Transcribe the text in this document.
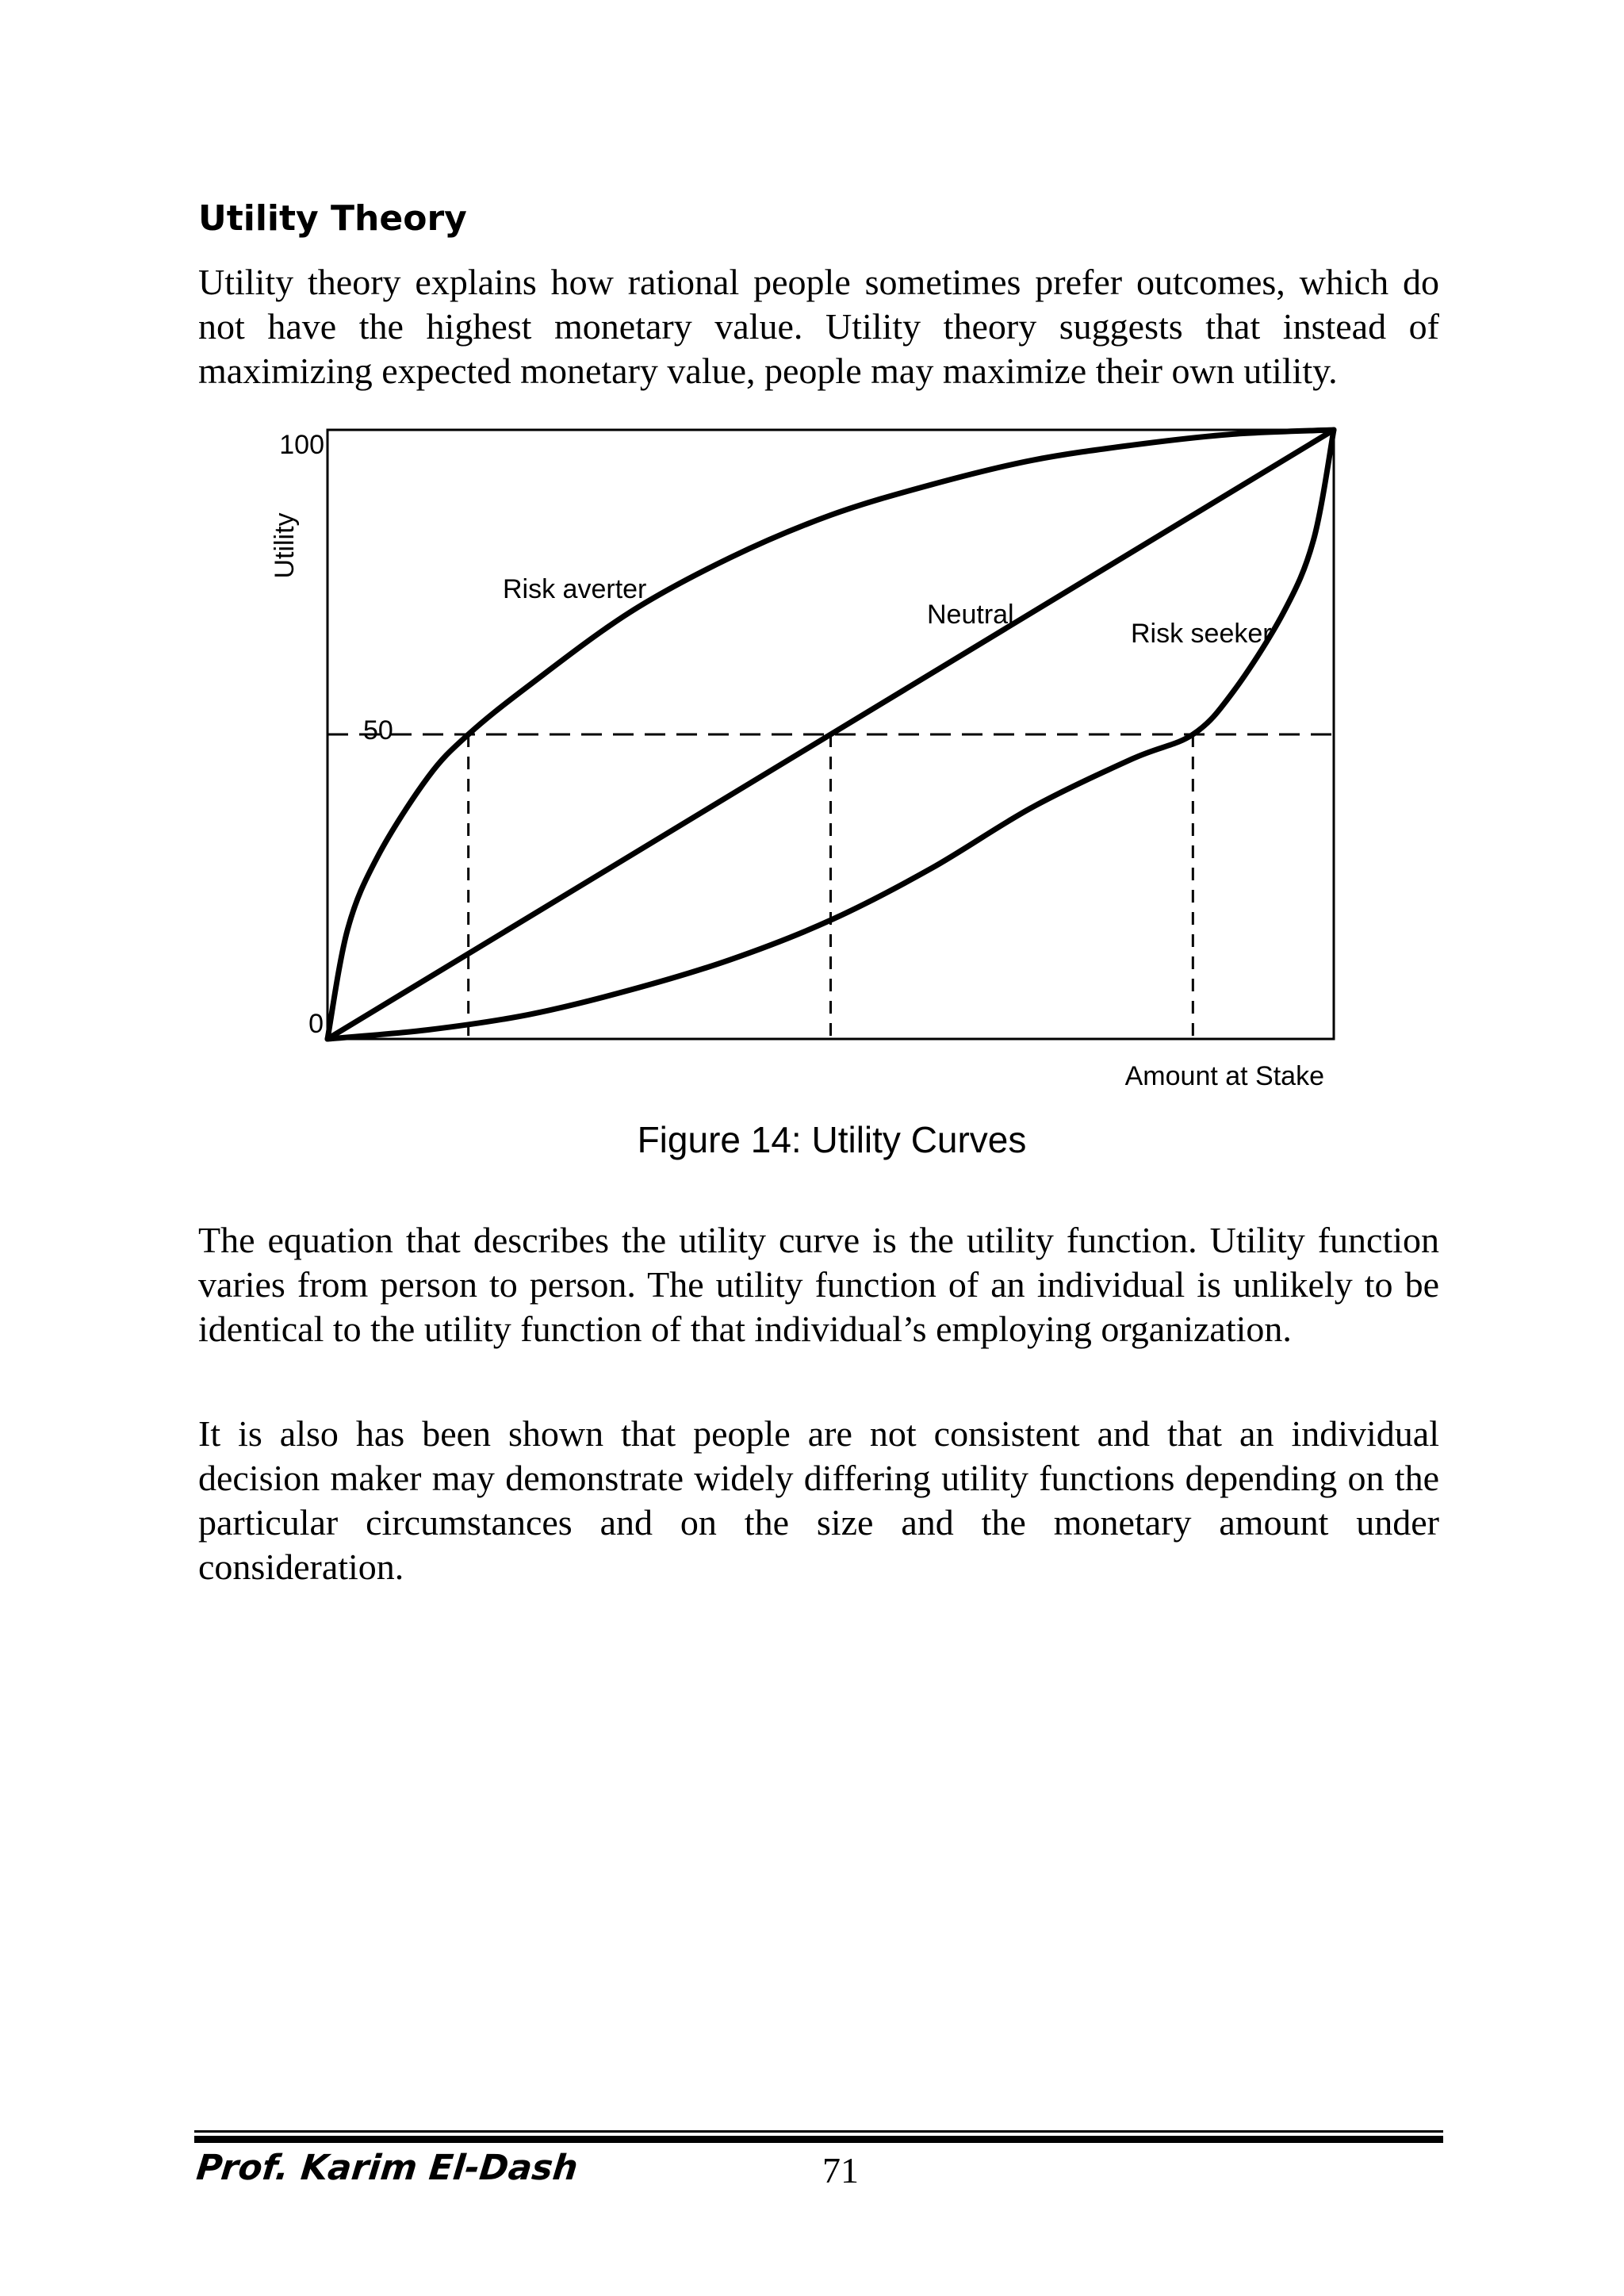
Utility Theory

Utility theory explains how rational people sometimes prefer outcomes, which do not have the highest monetary value. Utility theory suggests that instead of maximizing expected monetary value, people may maximize their own utility.

Risk averter
Neutral
Risk seeker
0
50
100
Utility
Amount at Stake

Figure 14: Utility Curves

The equation that describes the utility curve is the utility function. Utility function varies from person to person. The utility function of an individual is unlikely to be identical to the utility function of that individual’s employing organization.

It is also has been shown that people are not consistent and that an individual decision maker may demonstrate widely differing utility functions depending on the particular circumstances and on the size and the monetary amount under consideration.

Prof. Karim El-Dash	71
